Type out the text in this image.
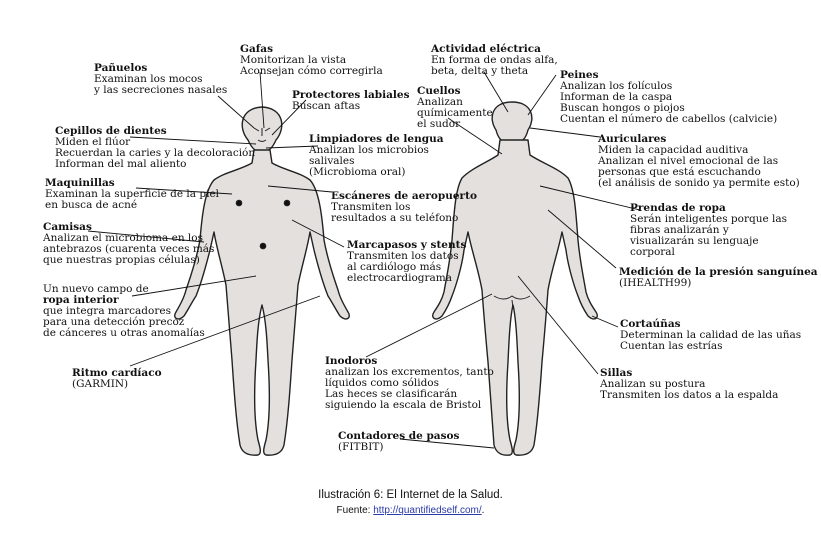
Pañuelos
Examinan los mocos
y las secreciones nasales
Gafas
Monitorizan la vista
Aconsejan cómo corregirla
Protectores labiales
Buscan aftas
Cepillos de dientes
Miden el flúor
Recuerdan la caries y la decoloración
Informan del mal aliento
Limpiadores de lengua
Analizan los microbios
salivales
(Microbioma oral)
Maquinillas
Examinan la superficie de la piel
en busca de acné
Escáneres de aeropuerto
Transmiten los
resultados a su teléfono
Camisas
Analizan el microbioma en los
antebrazos (cuarenta veces más
que nuestras propias células)
Marcapasos y stents
Transmiten los datos
al cardiólogo más
electrocardiograma
Un nuevo campo de
ropa interior
que integra marcadores
para una detección precoz
de cánceres u otras anomalías
Ritmo cardíaco
(GARMIN)
Actividad eléctrica
En forma de ondas alfa,
beta, delta y theta	Peines
Analizan los folículos
Informan de la caspa
Buscan hongos o piojos
Cuentan el número de cabellos (calvicie)
Cuellos
Analizan
químicamente
el sudor
Auriculares
Miden la capacidad auditiva
Analizan el nivel emocional de las
personas que está escuchando
(el análisis de sonido ya permite esto)
Prendas de ropa
Serán inteligentes porque las
fibras analizarán y
visualizarán su lenguaje
corporal
Medición de la presión sanguínea
(IHEALTH99)
Cortaúñas
Determinan la calidad de las uñas
Cuentan las estrías
Inodoros
analizan los excrementos, tanto
líquidos como sólidos
Las heces se clasificarán
siguiendo la escala de Bristol
Sillas
Analizan su postura
Transmiten los datos a la espalda
Contadores de pasos
(FITBIT)
Ilustración 6: El Internet de la Salud.
Fuente: http://quantifiedself.com/.
